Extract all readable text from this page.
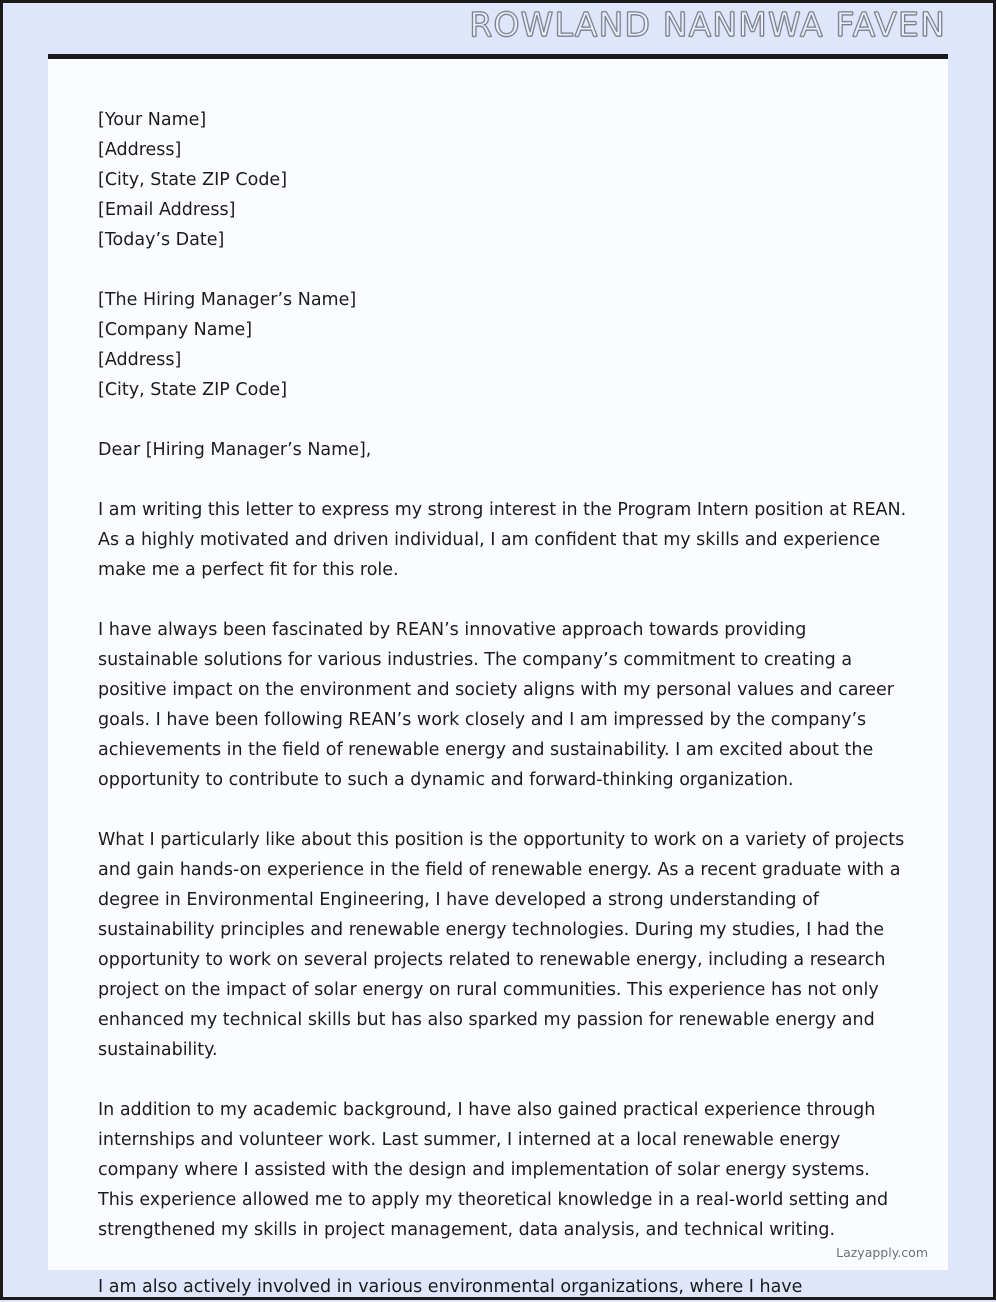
ROWLAND NANMWA FAVEN

[Your Name]
[Address]
[City, State ZIP Code]
[Email Address]
[Today’s Date]

[The Hiring Manager’s Name]
[Company Name]
[Address]
[City, State ZIP Code]

Dear [Hiring Manager’s Name],

I am writing this letter to express my strong interest in the Program Intern position at REAN. As a highly motivated and driven individual, I am confident that my skills and experience make me a perfect fit for this role.

I have always been fascinated by REAN’s innovative approach towards providing sustainable solutions for various industries. The company’s commitment to creating a positive impact on the environment and society aligns with my personal values and career goals. I have been following REAN’s work closely and I am impressed by the company’s achievements in the field of renewable energy and sustainability. I am excited about the opportunity to contribute to such a dynamic and forward-thinking organization.

What I particularly like about this position is the opportunity to work on a variety of projects and gain hands-on experience in the field of renewable energy. As a recent graduate with a degree in Environmental Engineering, I have developed a strong understanding of sustainability principles and renewable energy technologies. During my studies, I had the opportunity to work on several projects related to renewable energy, including a research project on the impact of solar energy on rural communities. This experience has not only enhanced my technical skills but has also sparked my passion for renewable energy and sustainability.

In addition to my academic background, I have also gained practical experience through internships and volunteer work. Last summer, I interned at a local renewable energy company where I assisted with the design and implementation of solar energy systems. This experience allowed me to apply my theoretical knowledge in a real-world setting and strengthened my skills in project management, data analysis, and technical writing.

Lazyapply.com
I am also actively involved in various environmental organizations, where I have
